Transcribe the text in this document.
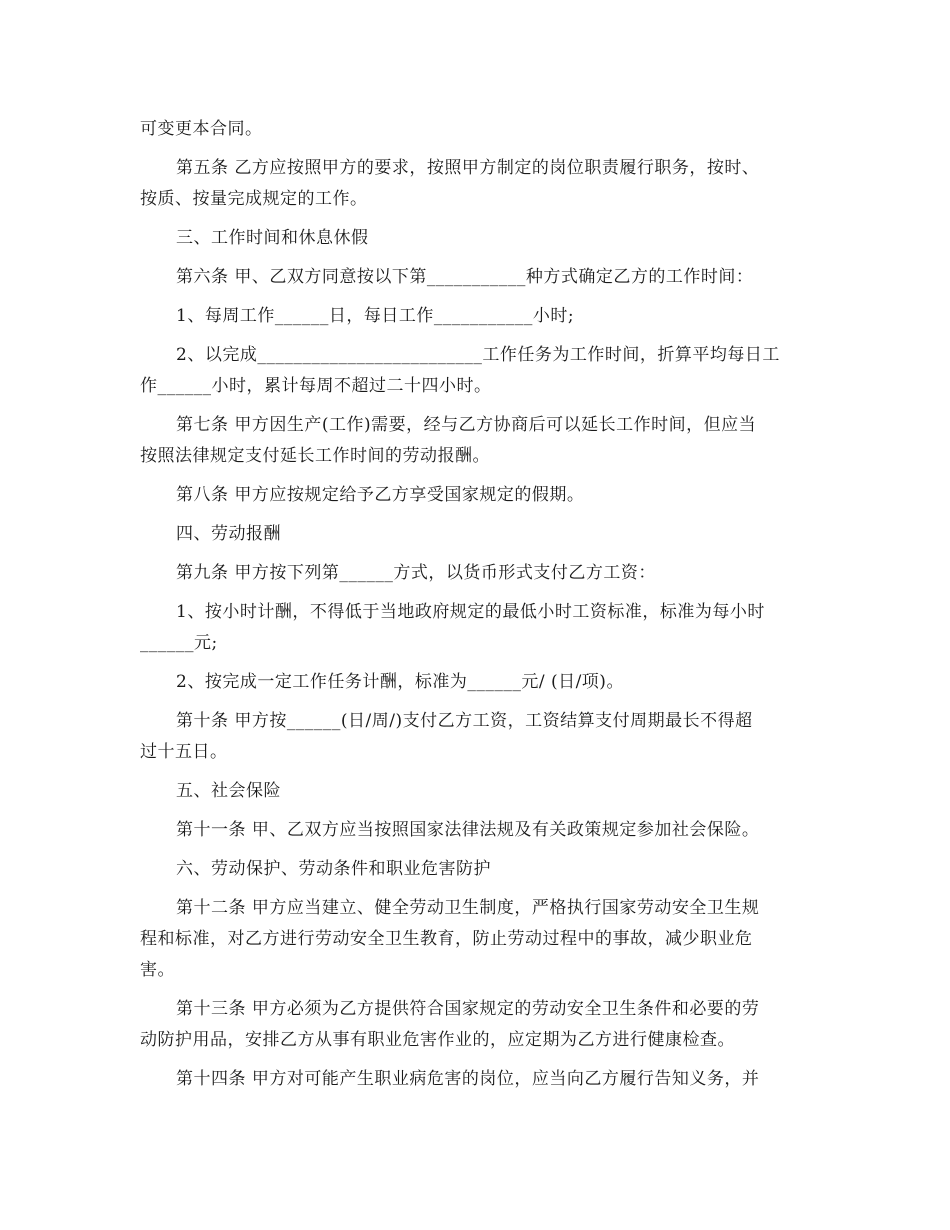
可变更本合同。

第五条 乙方应按照甲方的要求，按照甲方制定的岗位职责履行职务，按时、

按质、按量完成规定的工作。

三、工作时间和休息休假

第六条 甲、乙双方同意按以下第___________种方式确定乙方的工作时间：

1、每周工作______日，每日工作___________小时;

2、以完成_________________________工作任务为工作时间，折算平均每日工

作______小时，累计每周不超过二十四小时。

第七条 甲方因生产(工作)需要，经与乙方协商后可以延长工作时间，但应当

按照法律规定支付延长工作时间的劳动报酬。

第八条 甲方应按规定给予乙方享受国家规定的假期。

四、劳动报酬

第九条 甲方按下列第______方式，以货币形式支付乙方工资：

1、按小时计酬，不得低于当地政府规定的最低小时工资标准，标准为每小时

______元;

2、按完成一定工作任务计酬，标准为______元/ (日/项)。

第十条 甲方按______(日/周/)支付乙方工资，工资结算支付周期最长不得超

过十五日。

五、社会保险

第十一条 甲、乙双方应当按照国家法律法规及有关政策规定参加社会保险。

六、劳动保护、劳动条件和职业危害防护

第十二条 甲方应当建立、健全劳动卫生制度，严格执行国家劳动安全卫生规

程和标准，对乙方进行劳动安全卫生教育，防止劳动过程中的事故，减少职业危

害。

第十三条 甲方必须为乙方提供符合国家规定的劳动安全卫生条件和必要的劳

动防护用品，安排乙方从事有职业危害作业的，应定期为乙方进行健康检查。

第十四条 甲方对可能产生职业病危害的岗位，应当向乙方履行告知义务，并
